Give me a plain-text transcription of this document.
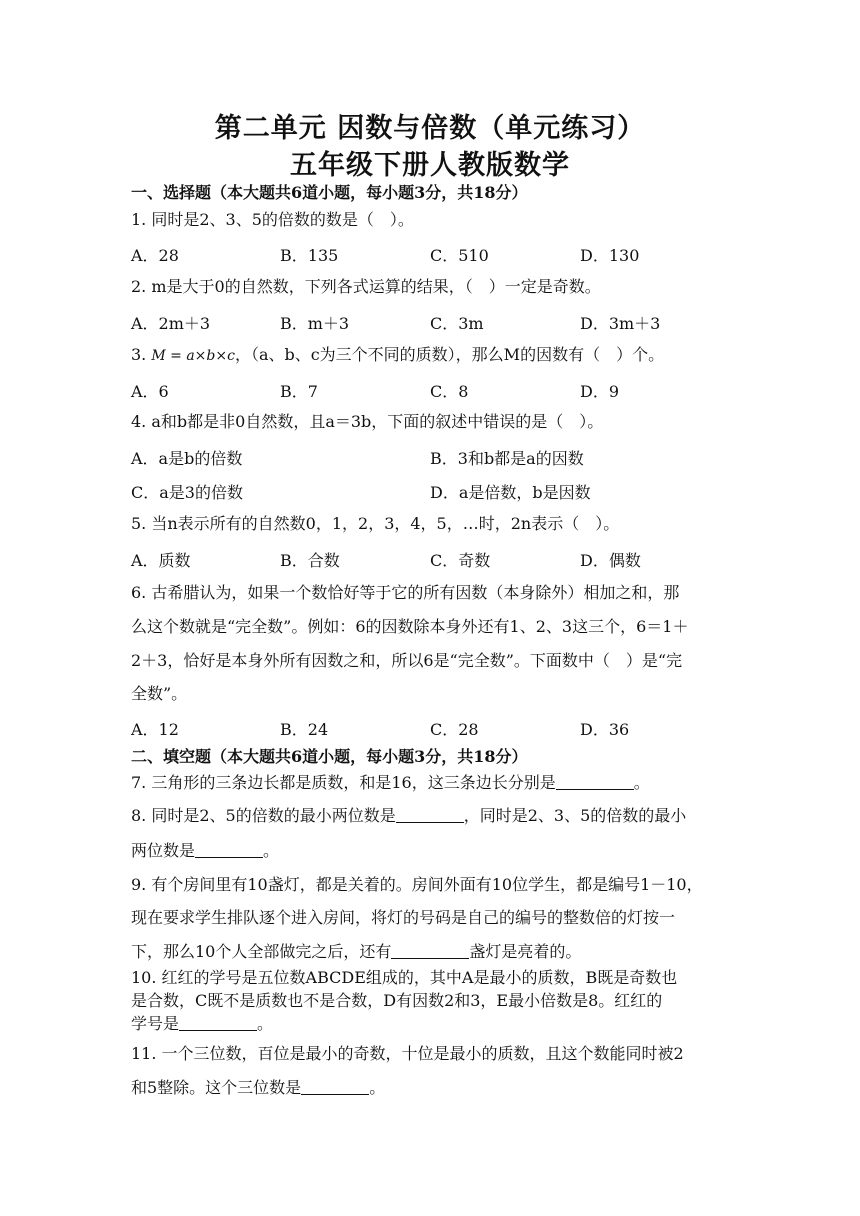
第二单元 因数与倍数（单元练习）
五年级下册人教版数学
一、选择题（本大题共6道小题，每小题3分，共18分）
1. 同时是2、3、5的倍数的数是（　）。
A．28	B．135	C．510	D．130
2. m是大于0的自然数，下列各式运算的结果，（　）一定是奇数。
A．2m＋3	B．m＋3	C．3m	D．3m＋3
3. M = a×b×c，（a、b、c为三个不同的质数），那么M的因数有（　）个。
A．6	B．7	C．8	D．9
4. a和b都是非0自然数，且a＝3b，下面的叙述中错误的是（　）。
A．a是b的倍数	B．3和b都是a的因数
C．a是3的倍数	D．a是倍数，b是因数
5. 当n表示所有的自然数0，1，2，3，4，5，…时，2n表示（　）。
A．质数	B．合数	C．奇数	D．偶数
6. 古希腊认为，如果一个数恰好等于它的所有因数（本身除外）相加之和，那
么这个数就是“完全数”。例如：6的因数除本身外还有1、2、3这三个，6＝1＋
2＋3，恰好是本身外所有因数之和，所以6是“完全数”。下面数中（　）是“完
全数”。
A．12	B．24	C．28	D．36
二、填空题（本大题共6道小题，每小题3分，共18分）
7. 三角形的三条边长都是质数，和是16，这三条边长分别是	。
8. 同时是2、5的倍数的最小两位数是	，同时是2、3、5的倍数的最小
两位数是	。
9. 有个房间里有10盏灯，都是关着的。房间外面有10位学生，都是编号1－10，
现在要求学生排队逐个进入房间，将灯的号码是自己的编号的整数倍的灯按一
下，那么10个人全部做完之后，还有	盏灯是亮着的。
10. 红红的学号是五位数ABCDE组成的，其中A是最小的质数，B既是奇数也
是合数，C既不是质数也不是合数，D有因数2和3，E最小倍数是8。红红的
学号是	。
11. 一个三位数，百位是最小的奇数，十位是最小的质数，且这个数能同时被2
和5整除。这个三位数是	。
